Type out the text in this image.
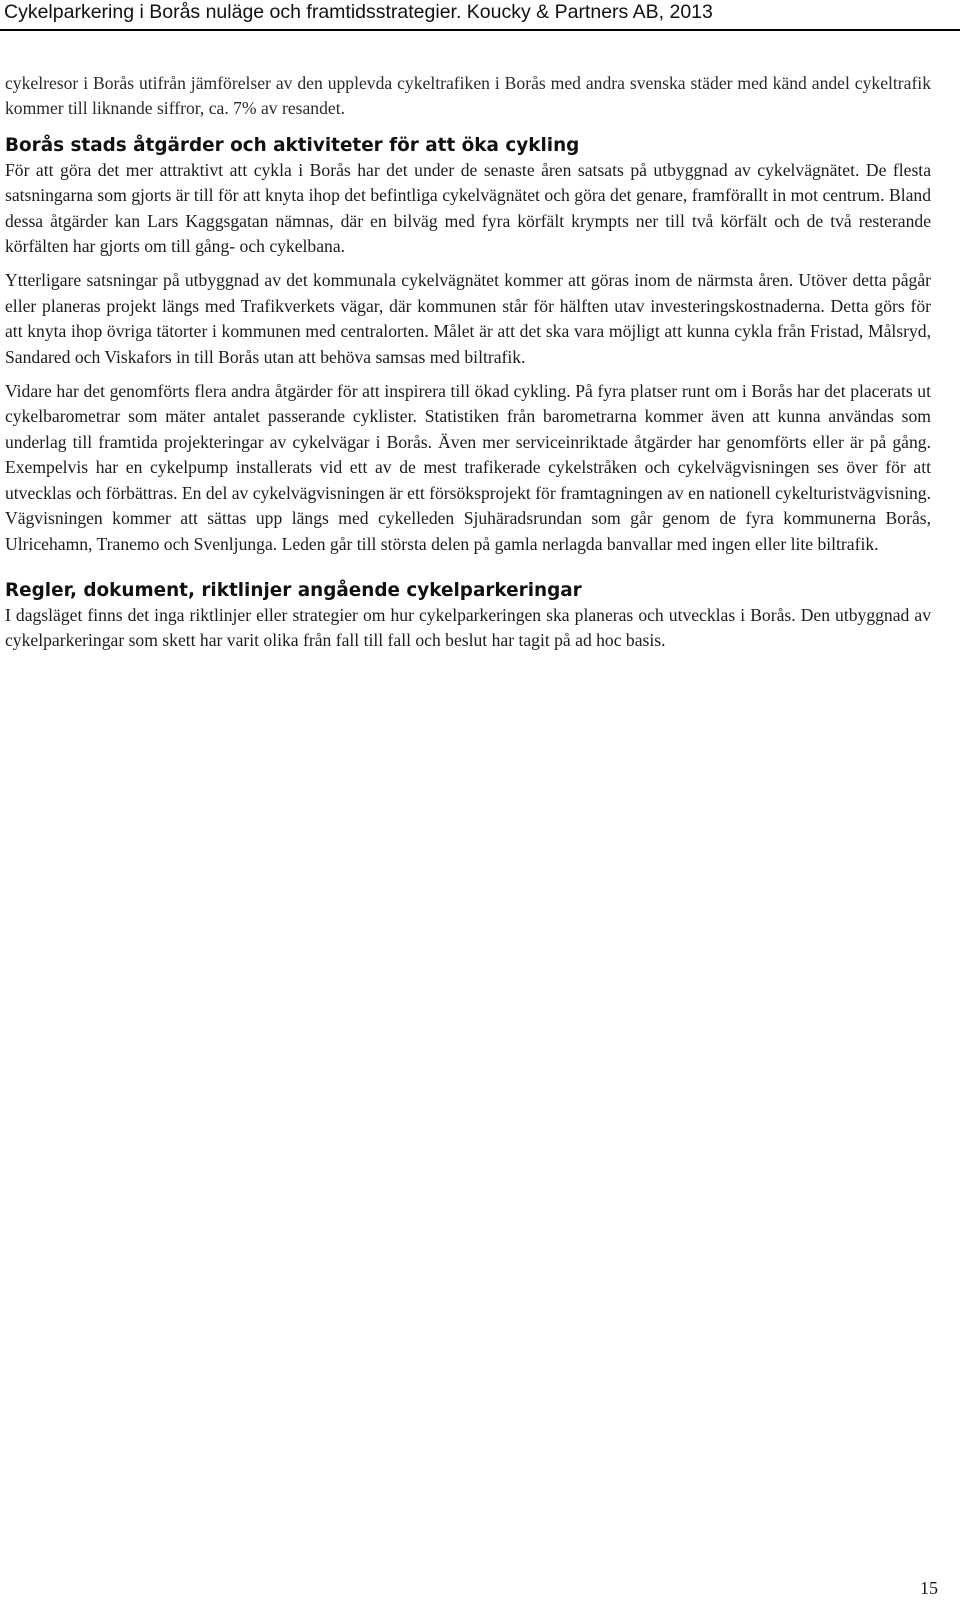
Cykelparkering i Borås nuläge och framtidsstrategier. Koucky & Partners AB, 2013

cykelresor i Borås utifrån jämförelser av den upplevda cykeltrafiken i Borås med andra svenska städer med känd andel cykeltrafik kommer till liknande siffror, ca. 7% av resandet.

Borås stads åtgärder och aktiviteter för att öka cykling

För att göra det mer attraktivt att cykla i Borås har det under de senaste åren satsats på utbyggnad av cykelvägnätet. De flesta satsningarna som gjorts är till för att knyta ihop det befintliga cykelvägnätet och göra det genare, framförallt in mot centrum. Bland dessa åtgärder kan Lars Kaggsgatan nämnas, där en bilväg med fyra körfält krympts ner till två körfält och de två resterande körfälten har gjorts om till gång- och cykelbana.

Ytterligare satsningar på utbyggnad av det kommunala cykelvägnätet kommer att göras inom de närmsta åren. Utöver detta pågår eller planeras projekt längs med Trafikverkets vägar, där kommunen står för hälften utav investeringskostnaderna. Detta görs för att knyta ihop övriga tätorter i kommunen med centralorten. Målet är att det ska vara möjligt att kunna cykla från Fristad, Målsryd, Sandared och Viskafors in till Borås utan att behöva samsas med biltrafik.

Vidare har det genomförts flera andra åtgärder för att inspirera till ökad cykling. På fyra platser runt om i Borås har det placerats ut cykelbarometrar som mäter antalet passerande cyklister. Statistiken från barometrarna kommer även att kunna användas som underlag till framtida projekteringar av cykelvägar i Borås. Även mer serviceinriktade åtgärder har genomförts eller är på gång. Exempelvis har en cykelpump installerats vid ett av de mest trafikerade cykelstråken och cykelvägvisningen ses över för att utvecklas och förbättras. En del av cykelvägvisningen är ett försöksprojekt för framtagningen av en nationell cykelturistvägvisning. Vägvisningen kommer att sättas upp längs med cykelleden Sjuhäradsrundan som går genom de fyra kommunerna Borås, Ulricehamn, Tranemo och Svenljunga. Leden går till största delen på gamla nerlagda banvallar med ingen eller lite biltrafik.

Regler, dokument, riktlinjer angående cykelparkeringar

I dagsläget finns det inga riktlinjer eller strategier om hur cykelparkeringen ska planeras och utvecklas i Borås. Den utbyggnad av cykelparkeringar som skett har varit olika från fall till fall och beslut har tagit på ad hoc basis.

15
